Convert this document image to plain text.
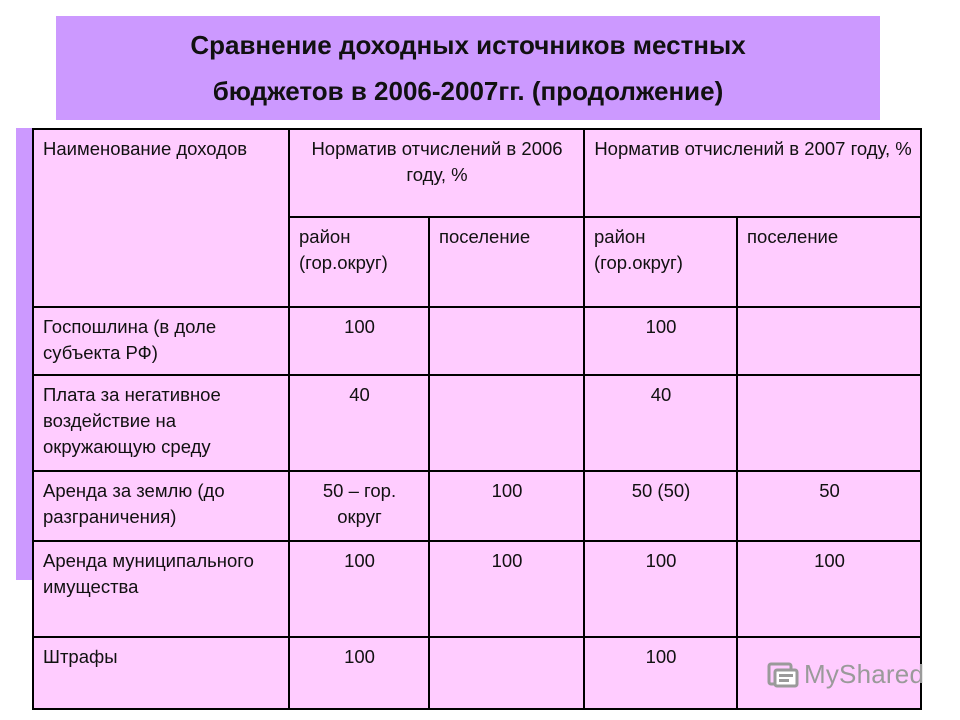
Сравнение доходных источников местных
бюджетов в 2006-2007гг. (продолжение)
Наименование доходов	Норматив отчислений в 2006 году, %		Норматив отчислений в 2007 году, %	
	район (гор.округ)	поселение	район (гор.округ)	поселение
Госпошлина (в доле субъекта РФ)	100		100	
Плата за негативное воздействие на окружающую среду	40		40	
Аренда за землю (до разграничения)	50 – гор. округ	100	50 (50)	50
Аренда муниципального имущества	100	100	100	100
Штрафы	100		100	
MyShared
